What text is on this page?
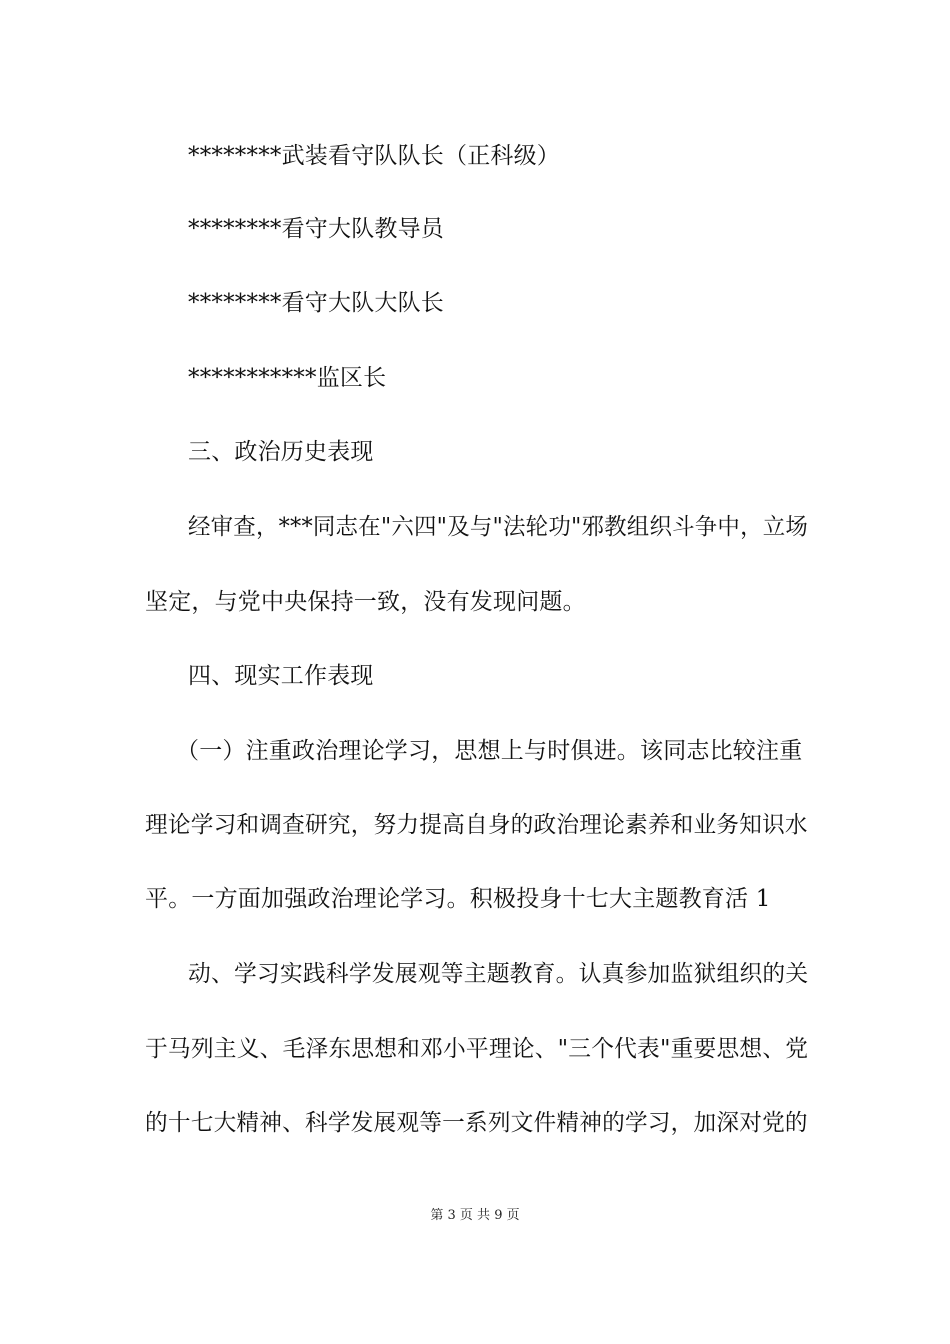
********武装看守队队长（正科级）
********看守大队教导员
********看守大队大队长
***********监区长
三、政治历史表现
经审查，***同志在"六四"及与"法轮功"邪教组织斗争中，立场
坚定，与党中央保持一致，没有发现问题。
四、现实工作表现
（一）注重政治理论学习，思想上与时俱进。该同志比较注重
理论学习和调查研究，努力提高自身的政治理论素养和业务知识水
平。一方面加强政治理论学习。积极投身十七大主题教育活 1
动、学习实践科学发展观等主题教育。认真参加监狱组织的关
于马列主义、毛泽东思想和邓小平理论、"三个代表"重要思想、党
的十七大精神、科学发展观等一系列文件精神的学习，加深对党的
第 3 页 共 9 页
